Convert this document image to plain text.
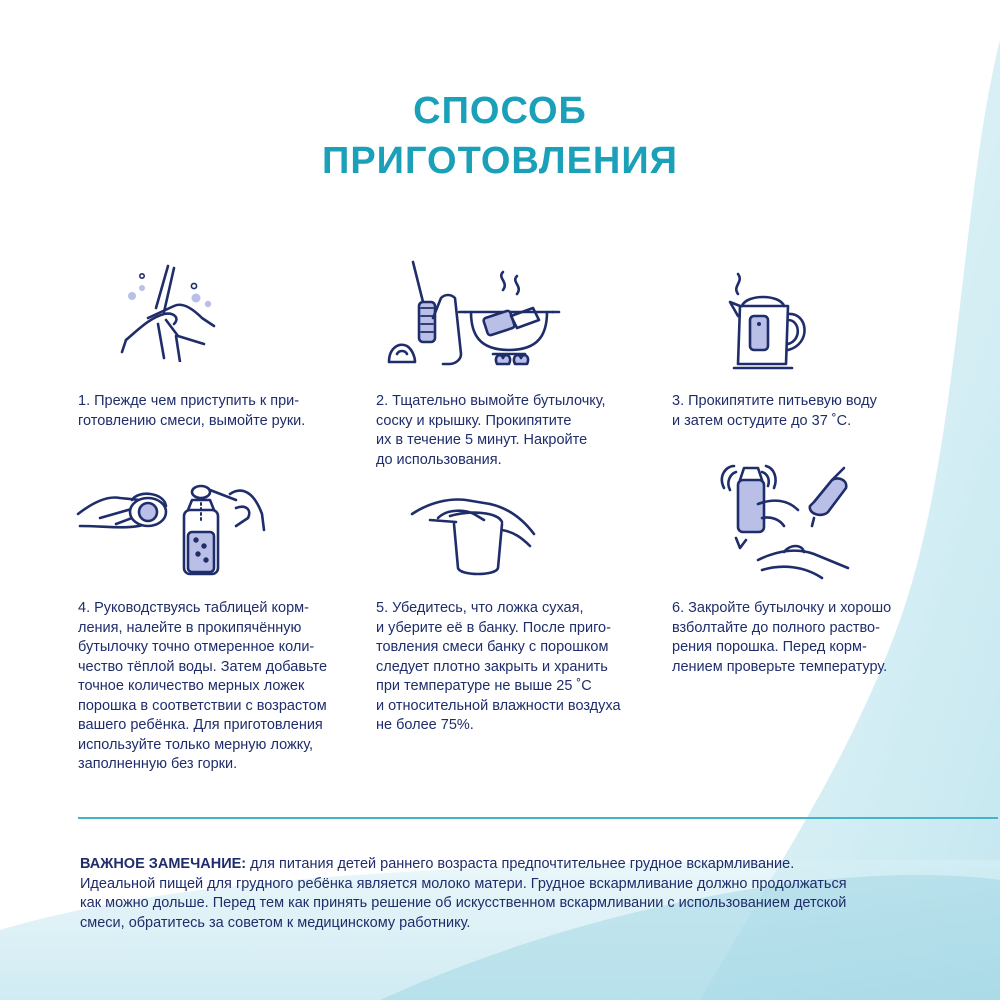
СПОСОБ
ПРИГОТОВЛЕНИЯ
1. Прежде чем приступить к при-
готовлению смеси, вымойте руки.
2. Тщательно вымойте бутылочку,
соску и крышку. Прокипятите
их в течение 5 минут. Накройте
до использования.
3. Прокипятите питьевую воду
и затем остудите до 37 ˚С.
4. Руководствуясь таблицей корм-
ления, налейте в прокипячённую
бутылочку точно отмеренное коли-
чество тёплой воды. Затем добавьте
точное количество мерных ложек
порошка в соответствии с возрастом
вашего ребёнка. Для приготовления
используйте только мерную ложку,
заполненную без горки.
5. Убедитесь, что ложка сухая,
и уберите её в банку. После приго-
товления смеси банку с порошком
следует плотно закрыть и хранить
при температуре не выше 25 ˚С
и относительной влажности воздуха
не более 75%.
6. Закройте бутылочку и хорошо
взболтайте до полного раство-
рения порошка. Перед корм-
лением проверьте температуру.
ВАЖНОЕ ЗАМЕЧАНИЕ: для питания детей раннего возраста предпочтительнее грудное вскармливание.
Идеальной пищей для грудного ребёнка является молоко матери. Грудное вскармливание должно продолжаться
как можно дольше. Перед тем как принять решение об искусственном вскармливании с использованием детской
смеси, обратитесь за советом к медицинскому работнику.
